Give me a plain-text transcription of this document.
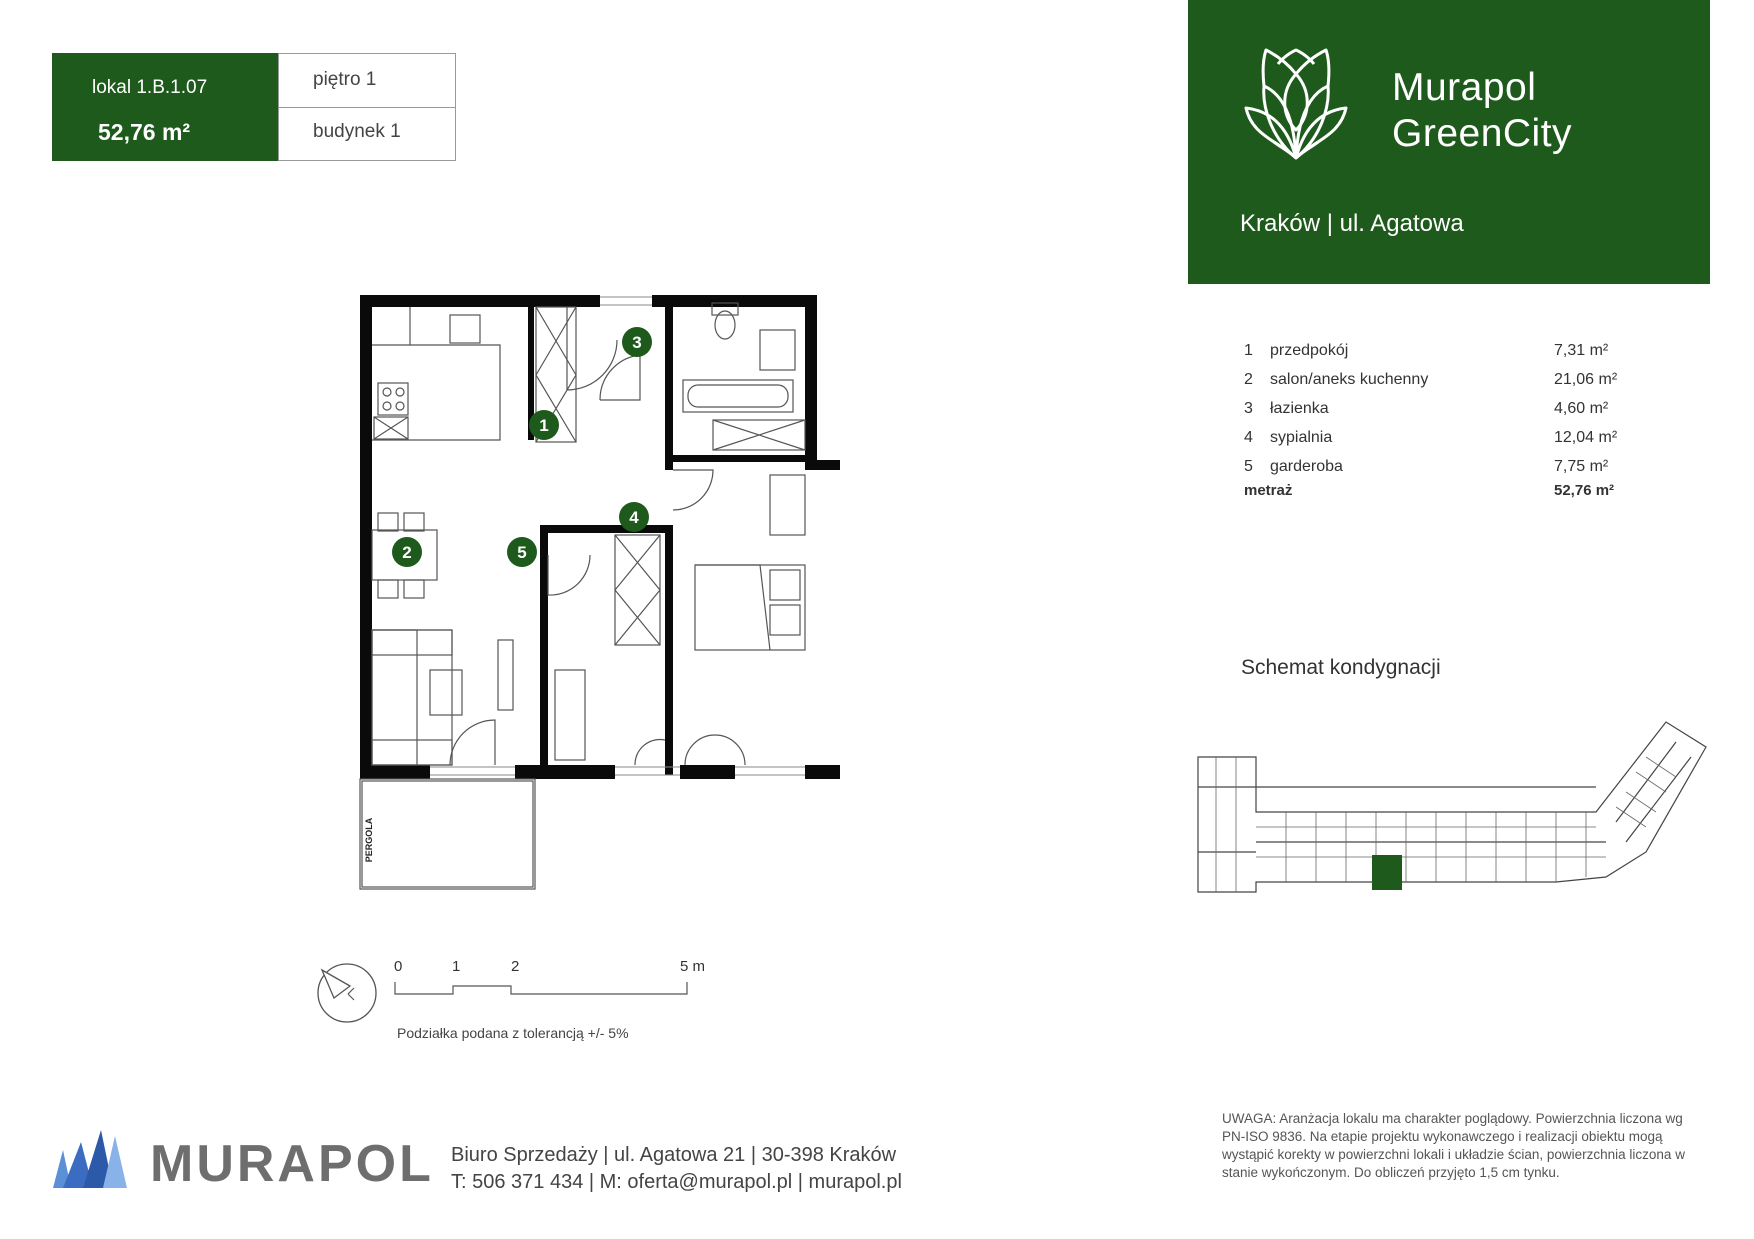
lokal 1.B.1.07
52,76 m²
piętro 1
budynek 1
Murapol
GreenCity
Kraków | ul. Agatowa
1
2
3
4
5
PERGOLA
1 przedpokój	7,31 m²
2 salon/aneks kuchenny	21,06 m²
3 łazienka	4,60 m²
4 sypialnia	12,04 m²
5 garderoba	7,75 m²
metraż	52,76 m²
Schemat kondygnacji
0	1	2	5 m
Podziałka podana z tolerancją +/- 5%
MURAPOL Biuro Sprzedaży | ul. Agatowa 21 | 30-398 Kraków
T: 506 371 434 | M: oferta@murapol.pl | murapol.pl
UWAGA: Aranżacja lokalu ma charakter poglądowy. Powierzchnia liczona wg PN-ISO 9836. Na etapie projektu wykonawczego i realizacji obiektu mogą wystąpić korekty w powierzchni lokali i układzie ścian, powierzchnia liczona w stanie wykończonym. Do obliczeń przyjęto 1,5 cm tynku.
